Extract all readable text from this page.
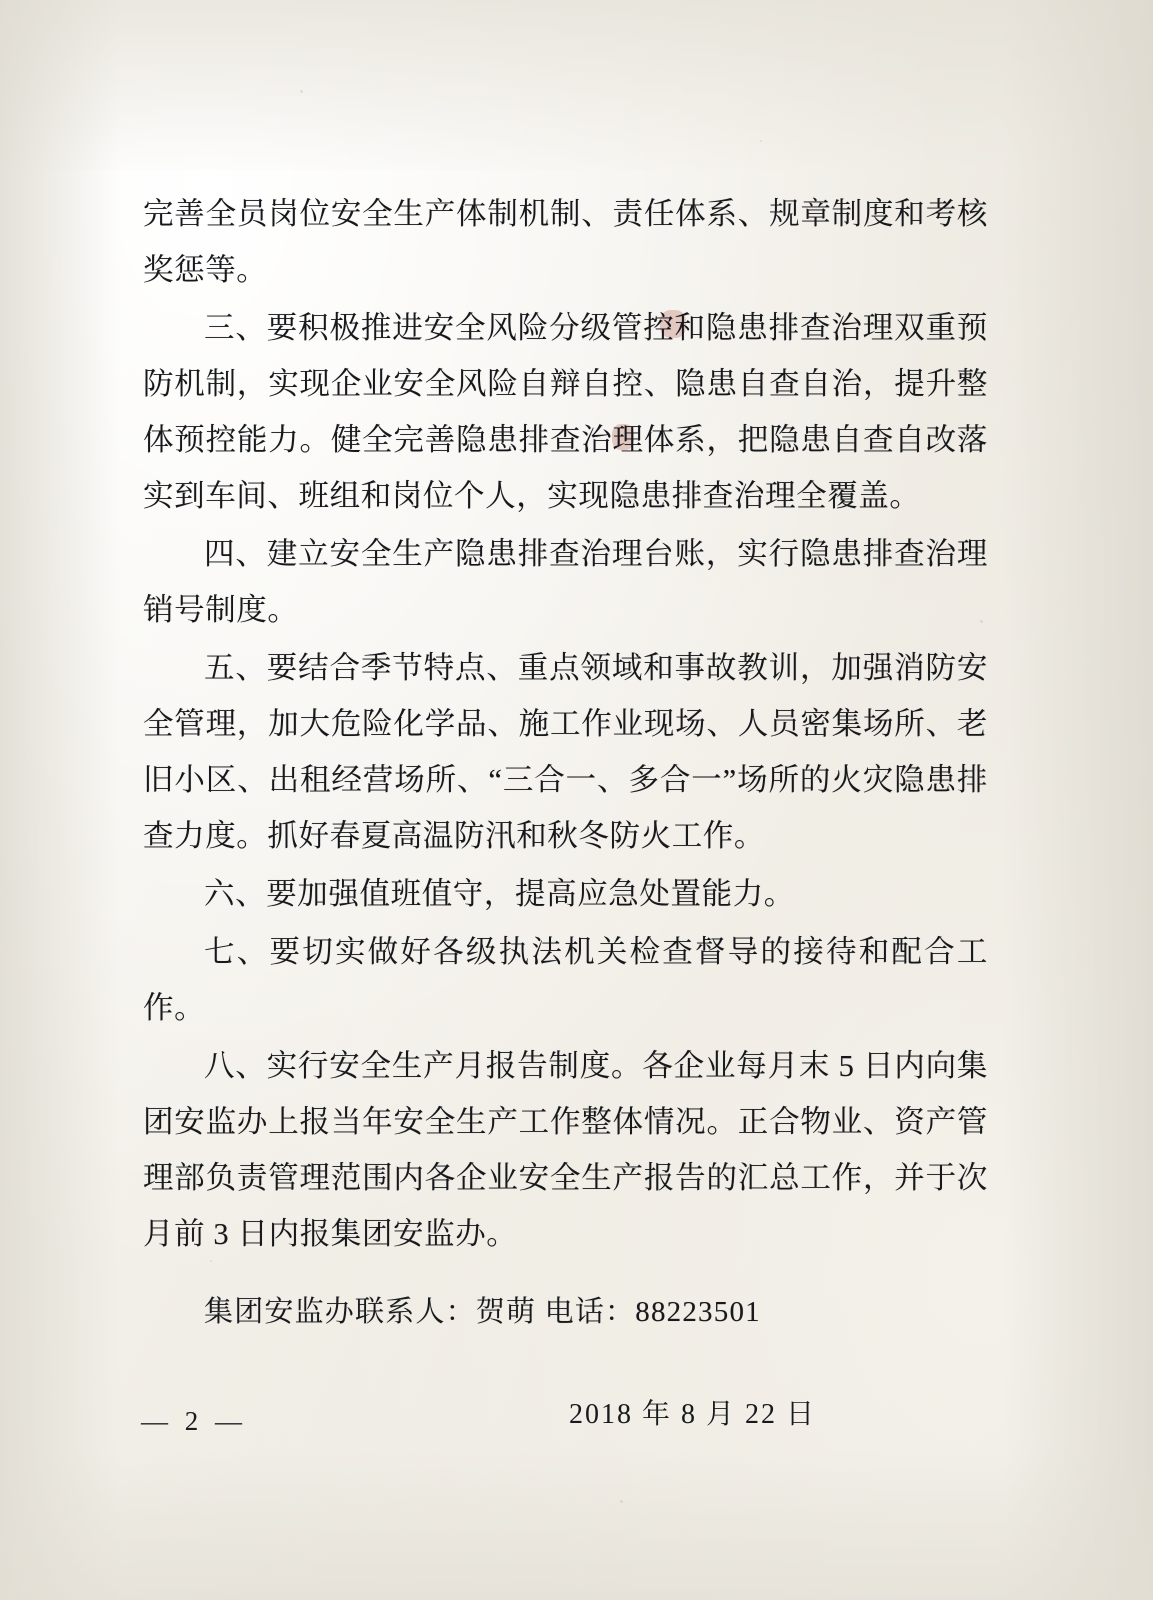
完善全员岗位安全生产体制机制、责任体系、规章制度和考核奖惩等。

三、要积极推进安全风险分级管控和隐患排查治理双重预防机制，实现企业安全风险自辩自控、隐患自查自治，提升整体预控能力。健全完善隐患排查治理体系，把隐患自查自改落实到车间、班组和岗位个人，实现隐患排查治理全覆盖。

四、建立安全生产隐患排查治理台账，实行隐患排查治理销号制度。

五、要结合季节特点、重点领域和事故教训，加强消防安全管理，加大危险化学品、施工作业现场、人员密集场所、老旧小区、出租经营场所、“三合一、多合一”场所的火灾隐患排查力度。抓好春夏高温防汛和秋冬防火工作。

六、要加强值班值守，提高应急处置能力。

七、要切实做好各级执法机关检查督导的接待和配合工作。

八、实行安全生产月报告制度。各企业每月末 5 日内向集团安监办上报当年安全生产工作整体情况。正合物业、资产管理部负责管理范围内各企业安全生产报告的汇总工作，并于次月前 3 日内报集团安监办。

集团安监办联系人：贺萌 电话：88223501

2018 年 8 月 22 日

— 2 —
